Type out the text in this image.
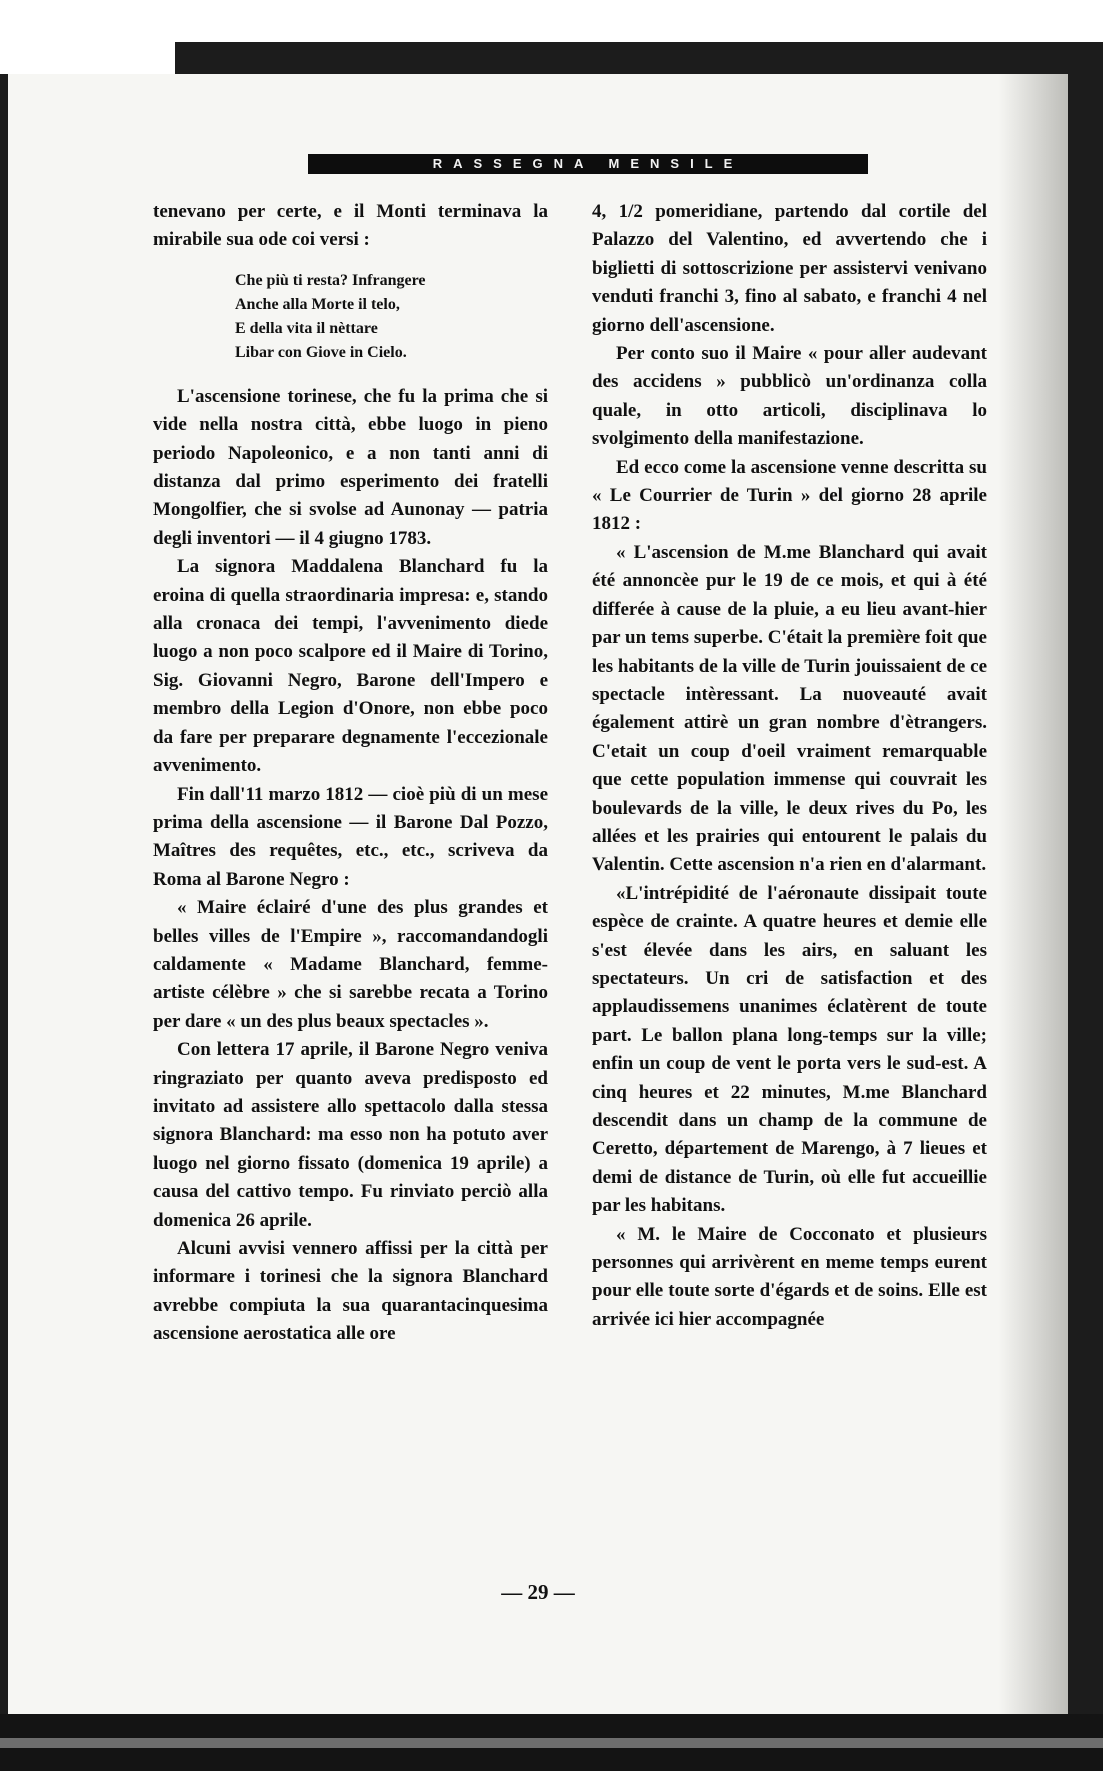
RASSEGNA MENSILE

tenevano per certe, e il Monti terminava la mirabile sua ode coi versi :

Che più ti resta? Infrangere
Anche alla Morte il telo,
E della vita il nèttare
Libar con Giove in Cielo.

L'ascensione torinese, che fu la prima che si vide nella nostra città, ebbe luogo in pieno periodo Napoleonico, e a non tanti anni di distanza dal primo esperimento dei fratelli Mongolfier, che si svolse ad Aunonay — patria degli inventori — il 4 giugno 1783.

La signora Maddalena Blanchard fu la eroina di quella straordinaria impresa: e, stando alla cronaca dei tempi, l'avvenimento diede luogo a non poco scalpore ed il Maire di Torino, Sig. Giovanni Negro, Barone dell'Impero e membro della Legion d'Onore, non ebbe poco da fare per preparare degnamente l'eccezionale avvenimento.

Fin dall'11 marzo 1812 — cioè più di un mese prima della ascensione — il Barone Dal Pozzo, Maîtres des requêtes, etc., etc., scriveva da Roma al Barone Negro :

« Maire éclairé d'une des plus grandes et belles villes de l'Empire », raccomandandogli caldamente « Madame Blanchard, femme-artiste célèbre » che si sarebbe recata a Torino per dare « un des plus beaux spectacles ».

Con lettera 17 aprile, il Barone Negro veniva ringraziato per quanto aveva predisposto ed invitato ad assistere allo spettacolo dalla stessa signora Blanchard: ma esso non ha potuto aver luogo nel giorno fissato (domenica 19 aprile) a causa del cattivo tempo. Fu rinviato perciò alla domenica 26 aprile.

Alcuni avvisi vennero affissi per la città per informare i torinesi che la signora Blanchard avrebbe compiuta la sua quarantacinquesima ascensione aerostatica alle ore

4, 1/2 pomeridiane, partendo dal cortile del Palazzo del Valentino, ed avvertendo che i biglietti di sottoscrizione per assistervi venivano venduti franchi 3, fino al sabato, e franchi 4 nel giorno dell'ascensione.

Per conto suo il Maire « pour aller audevant des accidens » pubblicò un'ordinanza colla quale, in otto articoli, disciplinava lo svolgimento della manifestazione.

Ed ecco come la ascensione venne descritta su « Le Courrier de Turin » del giorno 28 aprile 1812 :

« L'ascension de M.me Blanchard qui avait été annoncèe pur le 19 de ce mois, et qui à été differée à cause de la pluie, a eu lieu avant-hier par un tems superbe. C'était la première foit que les habitants de la ville de Turin jouissaient de ce spectacle intèressant. La nuoveauté avait également attirè un gran nombre d'ètrangers. C'etait un coup d'oeil vraiment remarquable que cette population immense qui couvrait les boulevards de la ville, le deux rives du Po, les allées et les prairies qui entourent le palais du Valentin. Cette ascension n'a rien en d'alarmant.

«L'intrépidité de l'aéronaute dissipait toute espèce de crainte. A quatre heures et demie elle s'est élevée dans les airs, en saluant les spectateurs. Un cri de satisfaction et des applaudissemens unanimes éclatèrent de toute part. Le ballon plana long-temps sur la ville; enfin un coup de vent le porta vers le sud-est. A cinq heures et 22 minutes, M.me Blanchard descendit dans un champ de la commune de Ceretto, département de Marengo, à 7 lieues et demi de distance de Turin, où elle fut accueillie par les habitans.

« M. le Maire de Cocconato et plusieurs personnes qui arrivèrent en meme temps eurent pour elle toute sorte d'égards et de soins. Elle est arrivée ici hier accompagnée

— 29 —
